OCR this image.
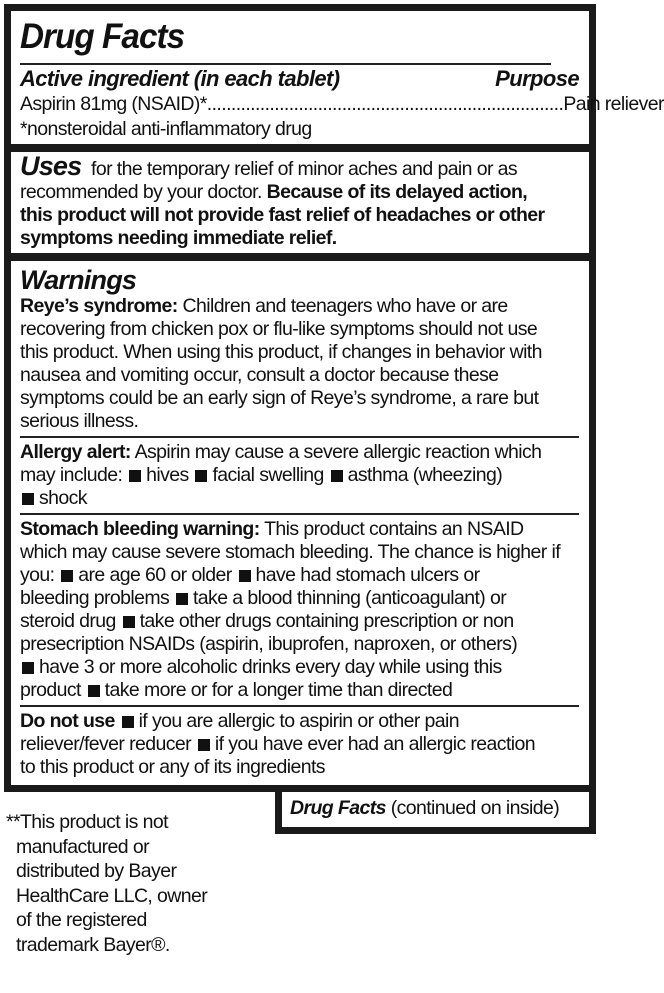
Drug Facts
Active ingredient (in each tablet)	Purpose
Aspirin 81mg (NSAID)* .......................................................................... Pain reliever
*nonsteroidal anti-inflammatory drug
Uses for the temporary relief of minor aches and pain or as
recommended by your doctor. Because of its delayed action,
this product will not provide fast relief of headaches or other
symptoms needing immediate relief.
Warnings
Reye’s syndrome: Children and teenagers who have or are
recovering from chicken pox or flu-like symptoms should not use
this product. When using this product, if changes in behavior with
nausea and vomiting occur, consult a doctor because these
symptoms could be an early sign of Reye’s syndrome, a rare but
serious illness.
Allergy alert: Aspirin may cause a severe allergic reaction which
may include: hives facial swelling asthma (wheezing)
shock
Stomach bleeding warning: This product contains an NSAID
which may cause severe stomach bleeding. The chance is higher if
you: are age 60 or older have had stomach ulcers or
bleeding problems take a blood thinning (anticoagulant) or
steroid drug take other drugs containing prescription or non
presecription NSAIDs (aspirin, ibuprofen, naproxen, or others)
have 3 or more alcoholic drinks every day while using this
product take more or for a longer time than directed
Do not use if you are allergic to aspirin or other pain
reliever/fever reducer if you have ever had an allergic reaction
to this product or any of its ingredients
Drug Facts (continued on inside)
**This product is not
manufactured or
distributed by Bayer
HealthCare LLC, owner
of the registered
trademark Bayer®.
